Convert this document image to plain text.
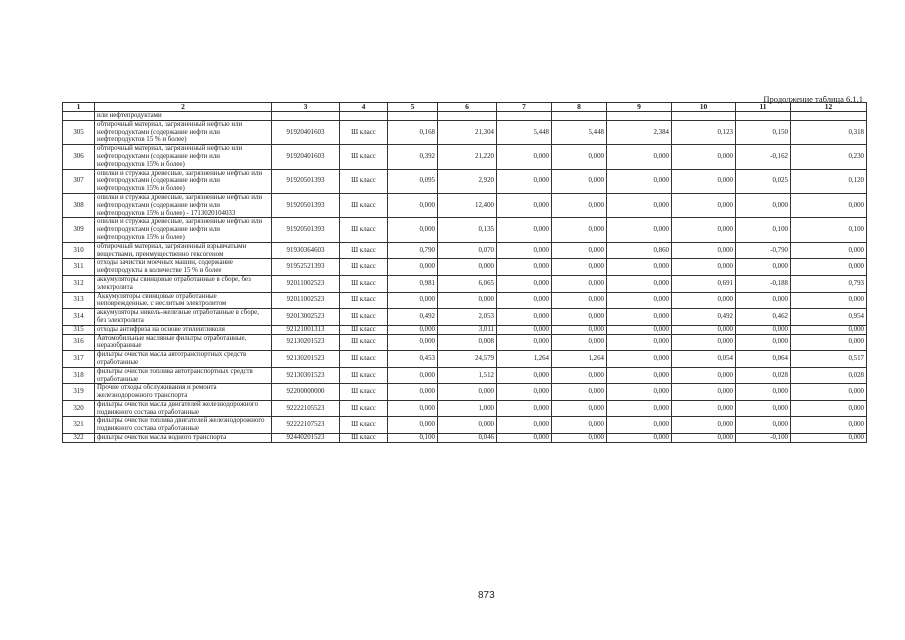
Продолжение таблица 6.1.1
1	2	3	4	5	6	7	8	9	10	11	12
	или нефтепродуктами										
305	обтирочный материал, загрязненный нефтью или нефтепродуктами (содержание нефти или нефтепродуктов 15 % и более)	91920401603	Ш класс	0,168	21,304	5,448	5,448	2,384	0,123	0,150	0,318
306	обтирочный материал, загрязненный нефтью или нефтепродуктами (содержание нефти или нефтепродуктов 15% и более)	91920401603	Ш класс	0,392	21,220	0,000	0,000	0,000	0,000	-0,162	0,230
307	опилки и стружка древесные, загрязненные нефтью или нефтепродуктами (содержание нефти или нефтепродуктов 15% и более)	91920501393	Ш класс	0,095	2,920	0,000	0,000	0,000	0,000	0,025	0,120
308	опилки и стружка древесные, загрязненные нефтью или нефтепродуктами (содержание нефти или нефтепродуктов 15% и более) - 1713020104033	91920501393	Ш класс	0,000	12,400	0,000	0,000	0,000	0,000	0,000	0,000
309	опилки и стружка древесные, загрязненные нефтью или нефтепродуктами (содержание нефти или нефтепродуктов 15% и более)	91920501393	Ш класс	0,000	0,135	0,000	0,000	0,000	0,000	0,100	0,100
310	обтирочный материал, загрязненный взрывчатыми веществами, преимущественно гексогеном	91930364603	Ш класс	0,790	0,070	0,000	0,000	0,860	0,000	-0,790	0,000
311	отходы зачистки моечных машин, содержание нефтепродукты в количестве 15 % и более	91952521393	Ш класс	0,000	0,000	0,000	0,000	0,000	0,000	0,000	0,000
312	аккумуляторы свинцовые отработанные в сборе, без электролита	92011002523	Ш класс	0,981	6,065	0,000	0,000	0,000	0,691	-0,188	0,793
313	Аккумуляторы свинцовые отработанные неповрежденные, с неслитым электролитом	92011002523	Ш класс	0,000	0,000	0,000	0,000	0,000	0,000	0,000	0,000
314	аккумуляторы никель-железные отработанные в сборе, без электролита	92013002523	Ш класс	0,492	2,053	0,000	0,000	0,000	0,492	0,462	0,954
315	отходы антифриза на основе этиленгликоля	92121001313	Ш класс	0,000	3,011	0,000	0,000	0,000	0,000	0,000	0,000
316	Автомобильные масляные фильтры отработанные, неразобранные	92130201523	Ш класс	0,000	0,008	0,000	0,000	0,000	0,000	0,000	0,000
317	фильтры очистки масла автотранспортных средств отработанные	92130201523	Ш класс	0,453	24,579	1,264	1,264	0,000	0,054	0,064	0,517
318	фильтры очистки топлива автотранспортных средств отработанные	92130301523	Ш класс	0,000	1,512	0,000	0,000	0,000	0,000	0,028	0,028
319	Прочие отходы обслуживания и ремонта железнодорожного транспорта	92200000000	Ш класс	0,000	0,000	0,000	0,000	0,000	0,000	0,000	0,000
320	фильтры очистки масла двигателей железнодорожного подвижного состава отработанные	92222105523	Ш класс	0,000	1,000	0,000	0,000	0,000	0,000	0,000	0,000
321	фильтры очистки топлива двигателей железнодорожного подвижного состава отработанные	92222107523	Ш класс	0,000	0,000	0,000	0,000	0,000	0,000	0,000	0,000
322	фильтры очистки масла водного транспорта	92440201523	Ш класс	0,100	0,046	0,000	0,000	0,000	0,000	-0,100	0,000
873
